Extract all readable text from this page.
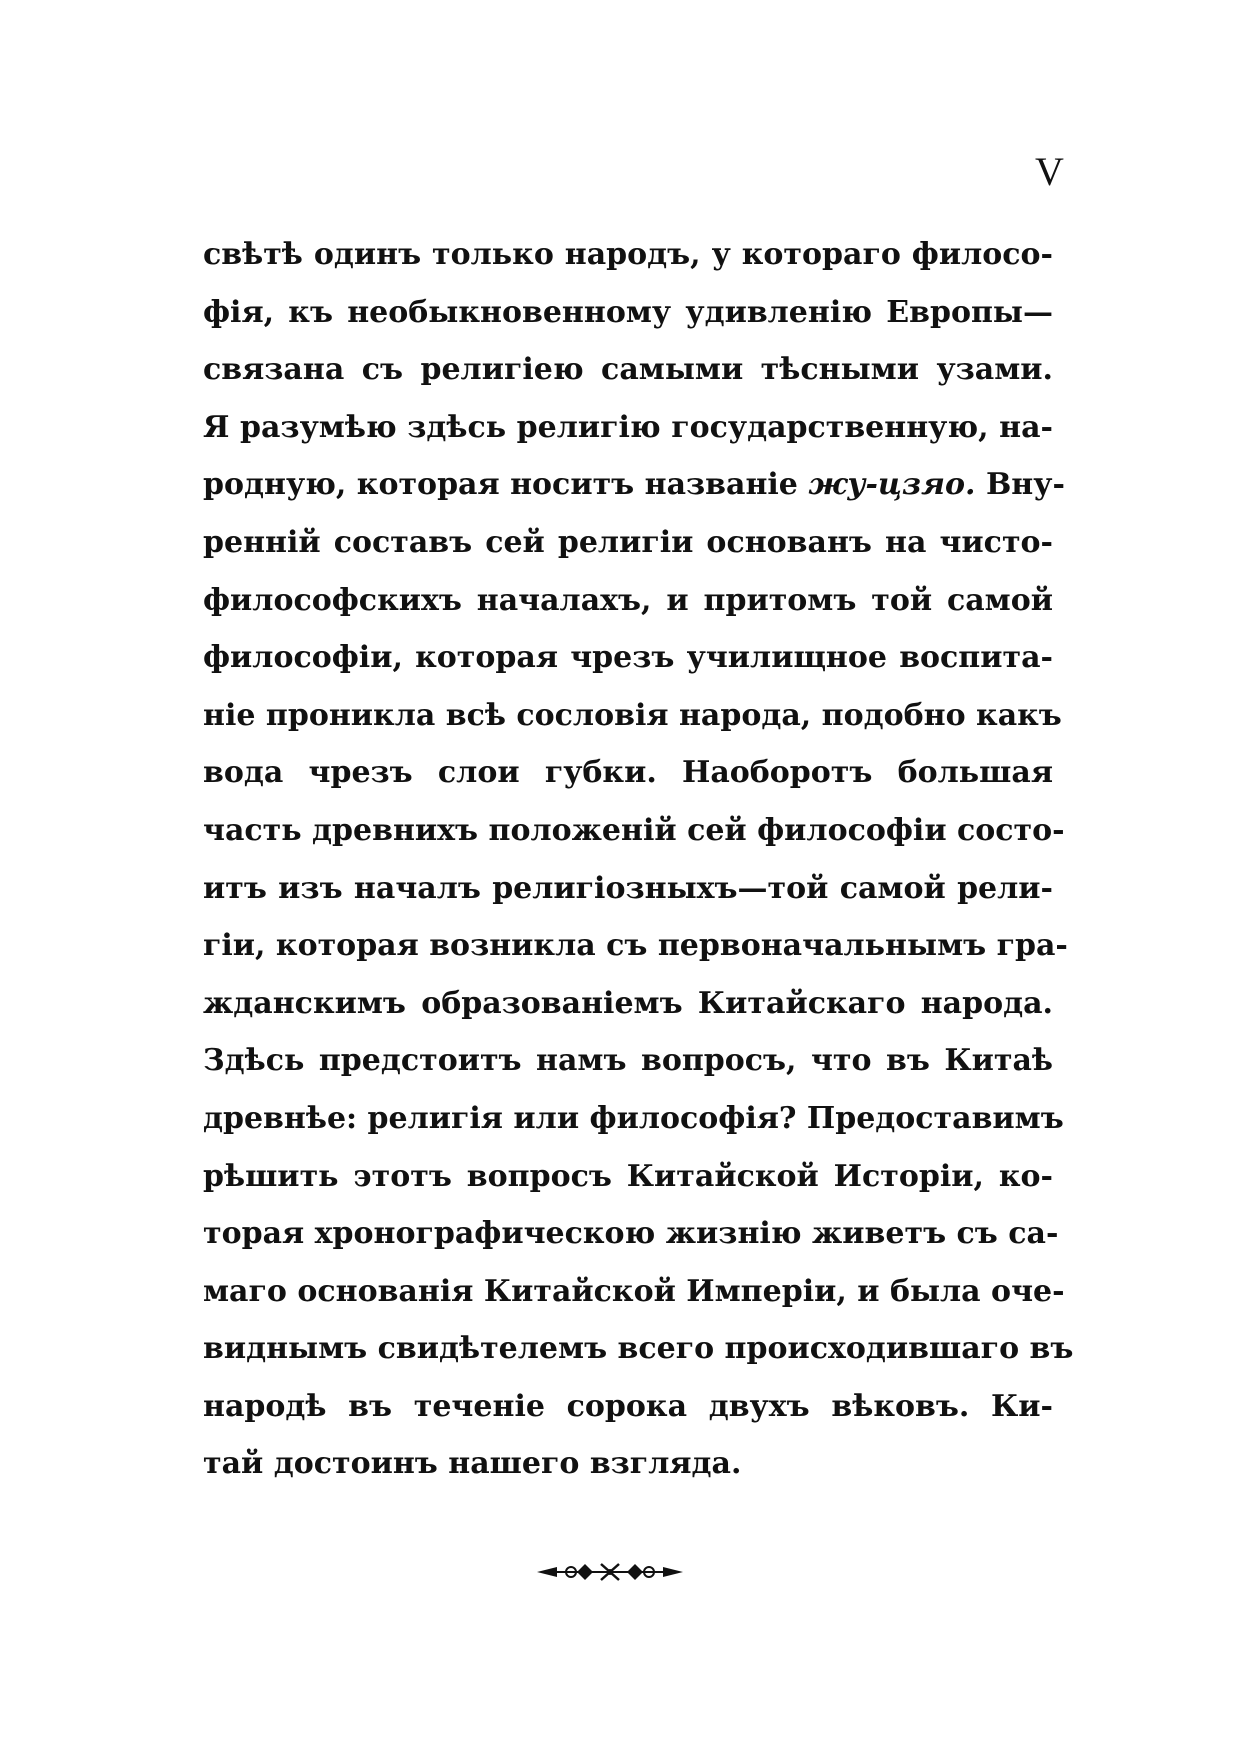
V
свѣтѣ одинъ только народъ, у котораго филосо-
фія, къ необыкновенному удивленію Европы—
связана съ религіею самыми тѣсными узами.
Я разумѣю здѣсь религію государственную, на-
родную, которая носитъ названіе жу-цзяо. Вну-
ренній составъ сей религіи основанъ на чисто-
философскихъ началахъ, и притомъ той самой
философіи, которая чрезъ училищное воспита-
ніе проникла всѣ сословія народа, подобно какъ
вода чрезъ слои губки. Наоборотъ большая
часть древнихъ положеній сей философіи состо-
итъ изъ началъ религіозныхъ—той самой рели-
гіи, которая возникла съ первоначальнымъ гра-
жданскимъ образованіемъ Китайскаго народа.
Здѣсь предстоитъ намъ вопросъ, что въ Китаѣ
древнѣе: религія или философія? Предоставимъ
рѣшить этотъ вопросъ Китайской Исторіи, ко-
торая хронографическою жизнію живетъ съ са-
маго основанія Китайской Имперіи, и была оче-
виднымъ свидѣтелемъ всего происходившаго въ
народѣ въ теченіе сорока двухъ вѣковъ. Ки-
тай достоинъ нашего взгляда.
